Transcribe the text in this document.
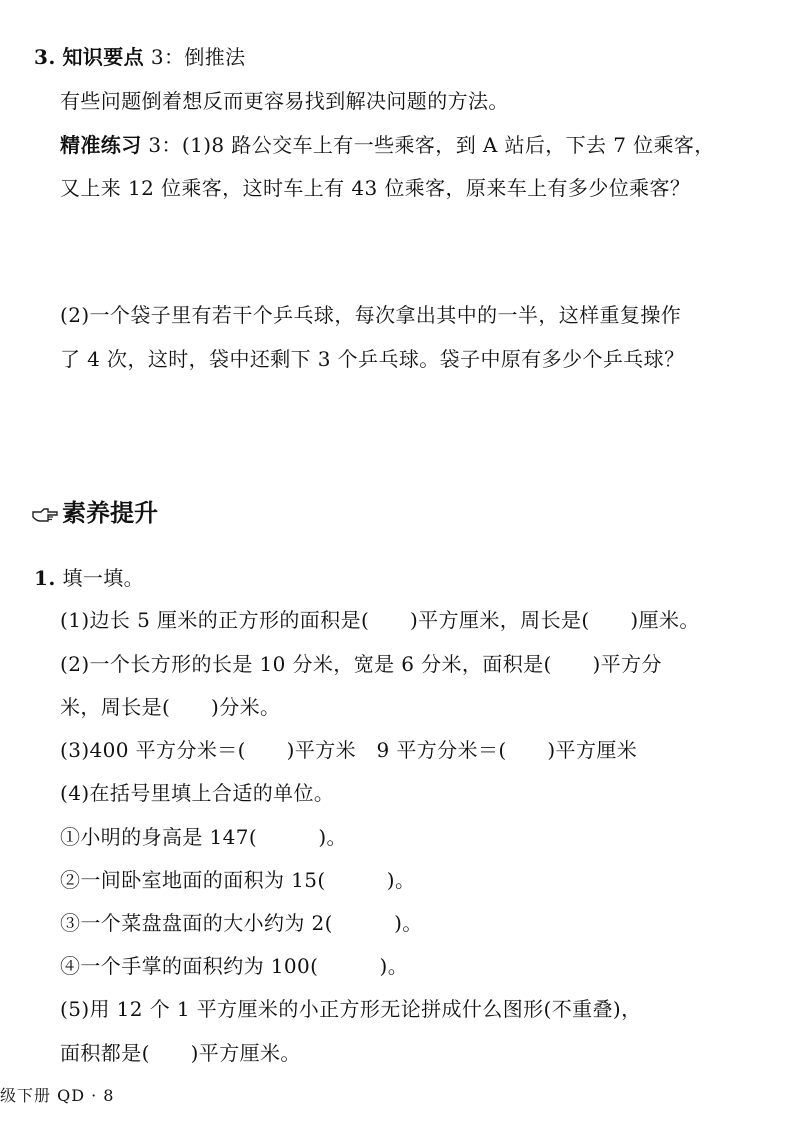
3. 知识要点 3：倒推法
有些问题倒着想反而更容易找到解决问题的方法。
精准练习 3：(1)8 路公交车上有一些乘客，到 A 站后，下去 7 位乘客，
又上来 12 位乘客，这时车上有 43 位乘客，原来车上有多少位乘客？
(2)一个袋子里有若干个乒乓球，每次拿出其中的一半，这样重复操作
了 4 次，这时，袋中还剩下 3 个乒乓球。袋子中原有多少个乒乓球？
素养提升
1. 填一填。
(1)边长 5 厘米的正方形的面积是(　　)平方厘米，周长是(　　)厘米。
(2)一个长方形的长是 10 分米，宽是 6 分米，面积是(　　)平方分
米，周长是(　　)分米。
(3)400 平方分米＝(　　)平方米　9 平方分米＝(　　)平方厘米
(4)在括号里填上合适的单位。
①小明的身高是 147(　　　)。
②一间卧室地面的面积为 15(　　　)。
③一个菜盘盘面的大小约为 2(　　　)。
④一个手掌的面积约为 100(　　　)。
(5)用 12 个 1 平方厘米的小正方形无论拼成什么图形(不重叠)，
面积都是(　　)平方厘米。
级下册 QD · 8
